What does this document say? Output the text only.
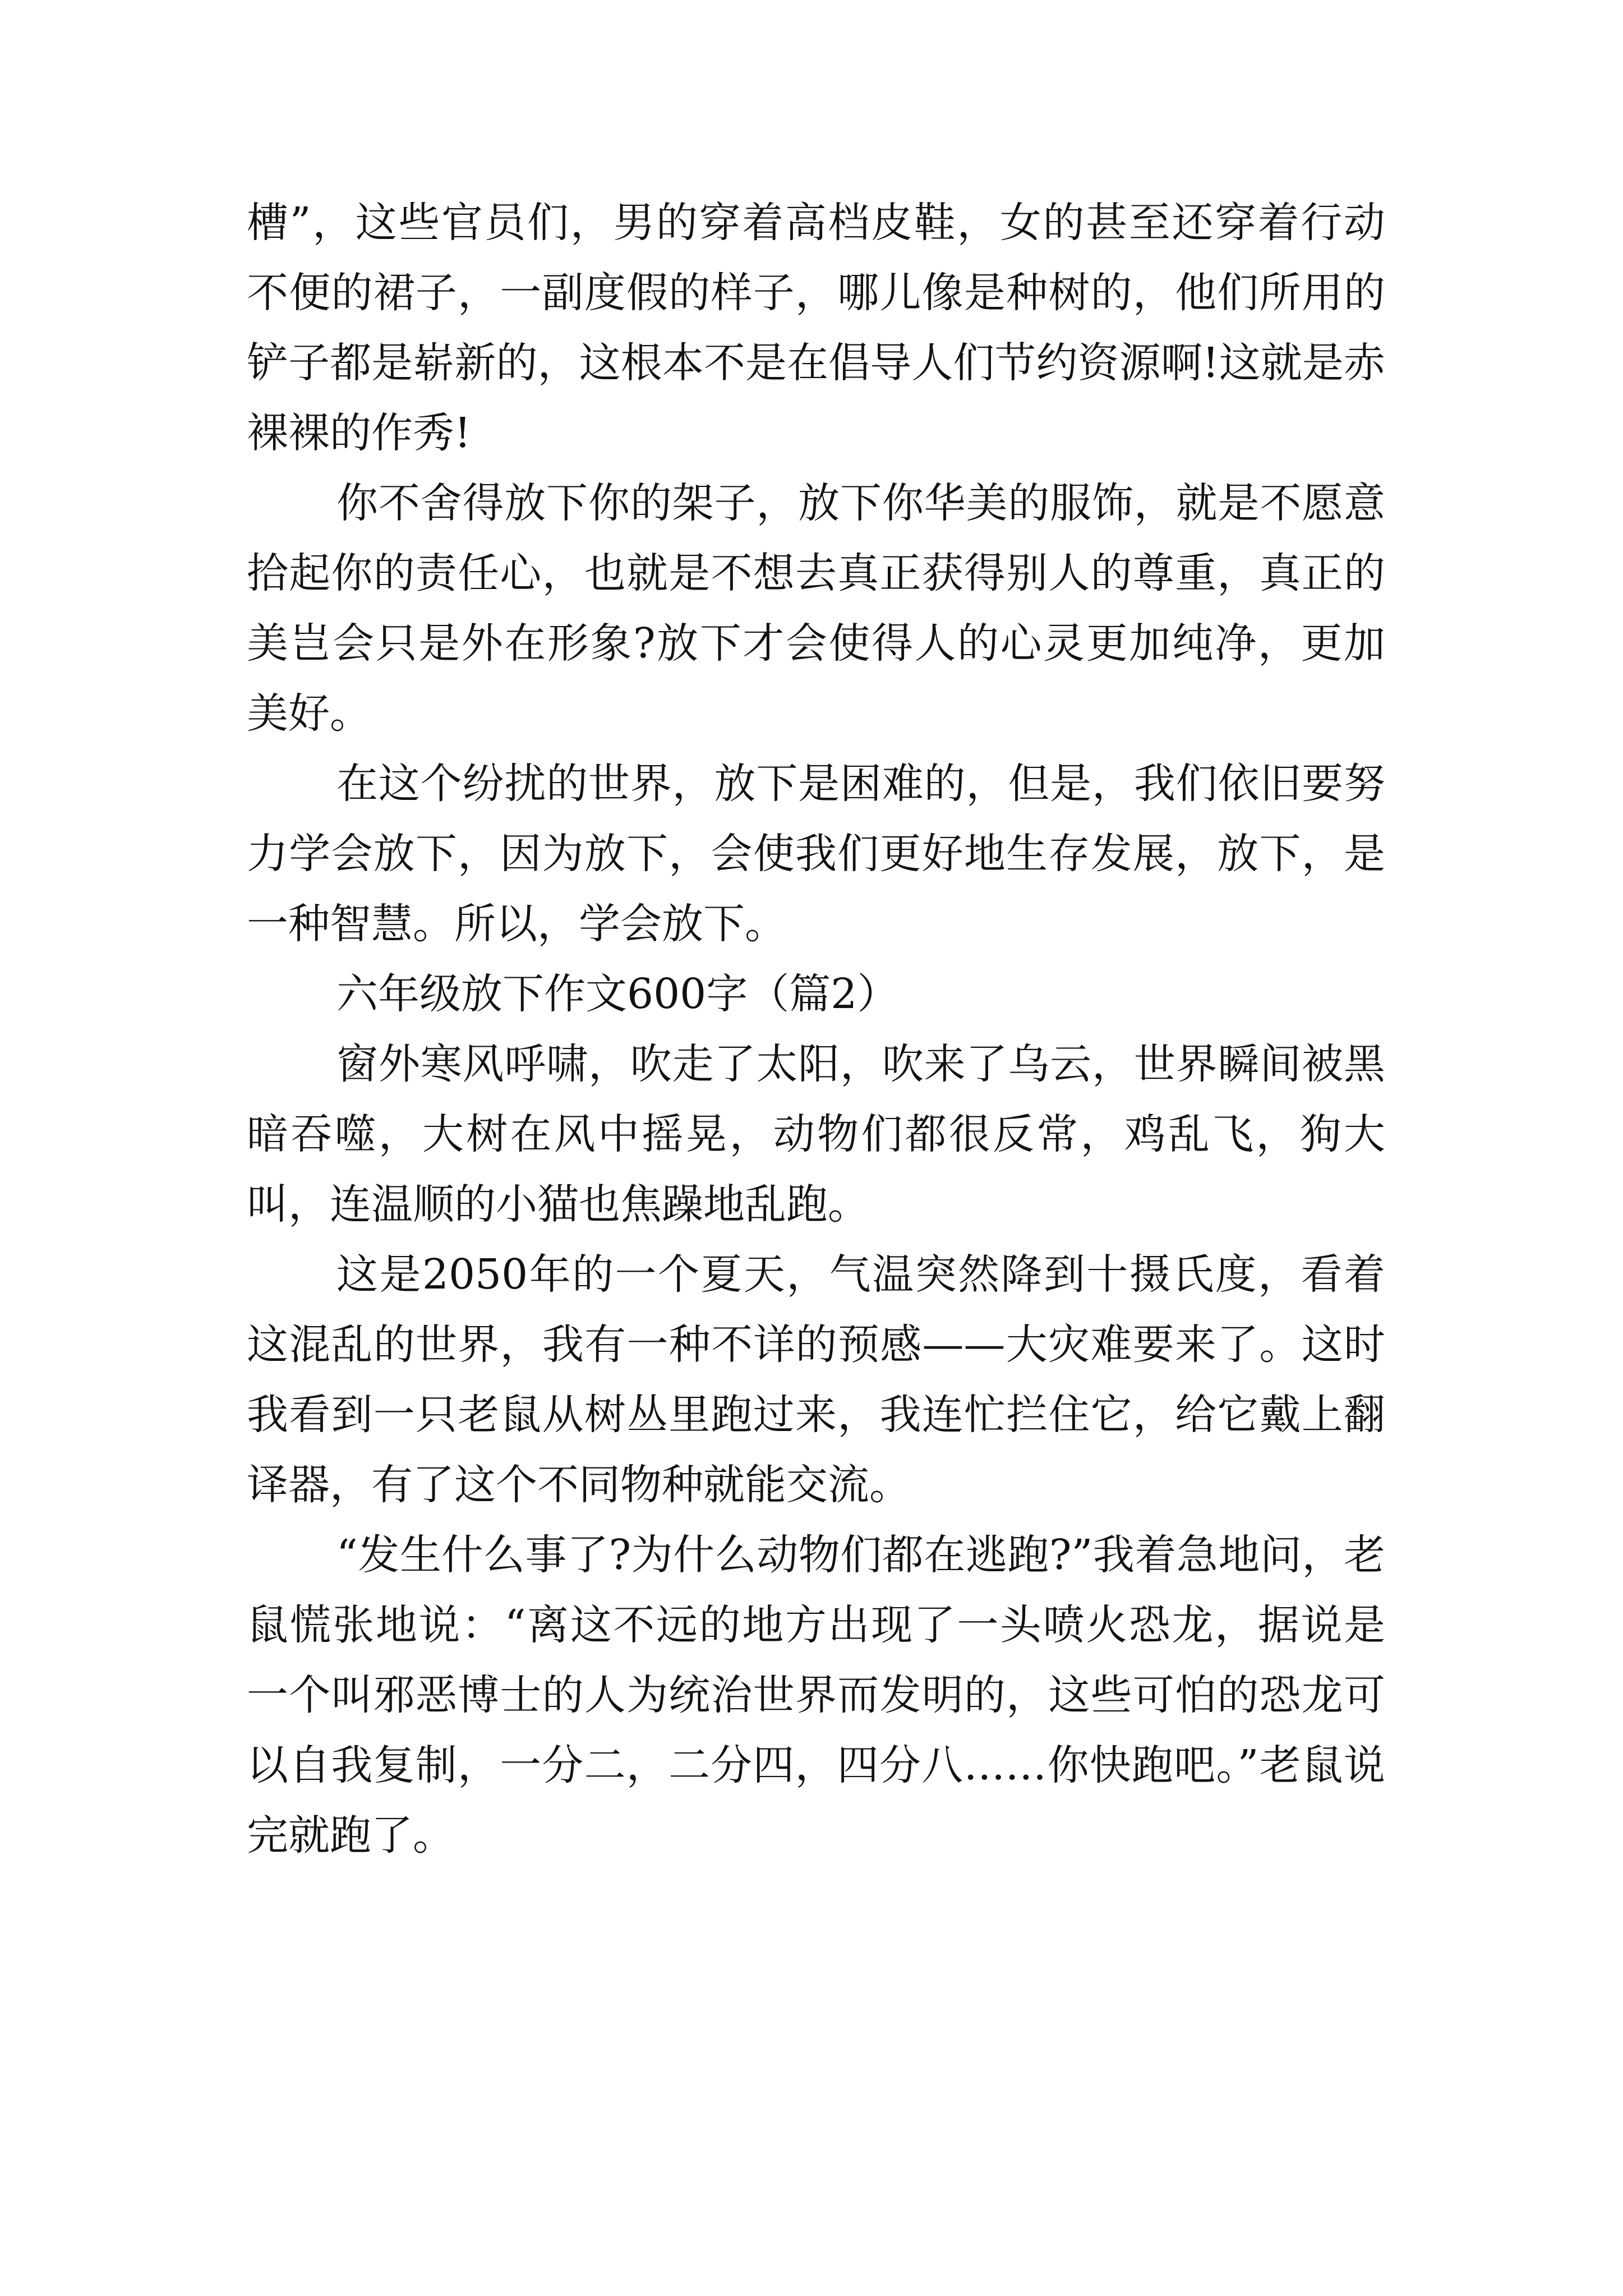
槽”，这些官员们，男的穿着高档皮鞋，女的甚至还穿着行动不便的裙子，一副度假的样子，哪儿像是种树的，他们所用的铲子都是崭新的，这根本不是在倡导人们节约资源啊!这就是赤裸裸的作秀!

你不舍得放下你的架子，放下你华美的服饰，就是不愿意拾起你的责任心，也就是不想去真正获得别人的尊重，真正的美岂会只是外在形象?放下才会使得人的心灵更加纯净，更加美好。

在这个纷扰的世界，放下是困难的，但是，我们依旧要努力学会放下，因为放下，会使我们更好地生存发展，放下，是一种智慧。所以，学会放下。

六年级放下作文600字（篇2）

窗外寒风呼啸，吹走了太阳，吹来了乌云，世界瞬间被黑暗吞噬，大树在风中摇晃，动物们都很反常，鸡乱飞，狗大叫，连温顺的小猫也焦躁地乱跑。

这是2050年的一个夏天，气温突然降到十摄氏度，看着这混乱的世界，我有一种不详的预感——大灾难要来了。这时我看到一只老鼠从树丛里跑过来，我连忙拦住它，给它戴上翻译器，有了这个不同物种就能交流。

“发生什么事了?为什么动物们都在逃跑?”我着急地问，老鼠慌张地说：“离这不远的地方出现了一头喷火恐龙，据说是一个叫邪恶博士的人为统治世界而发明的，这些可怕的恐龙可以自我复制，一分二，二分四，四分八……你快跑吧。”老鼠说完就跑了。
